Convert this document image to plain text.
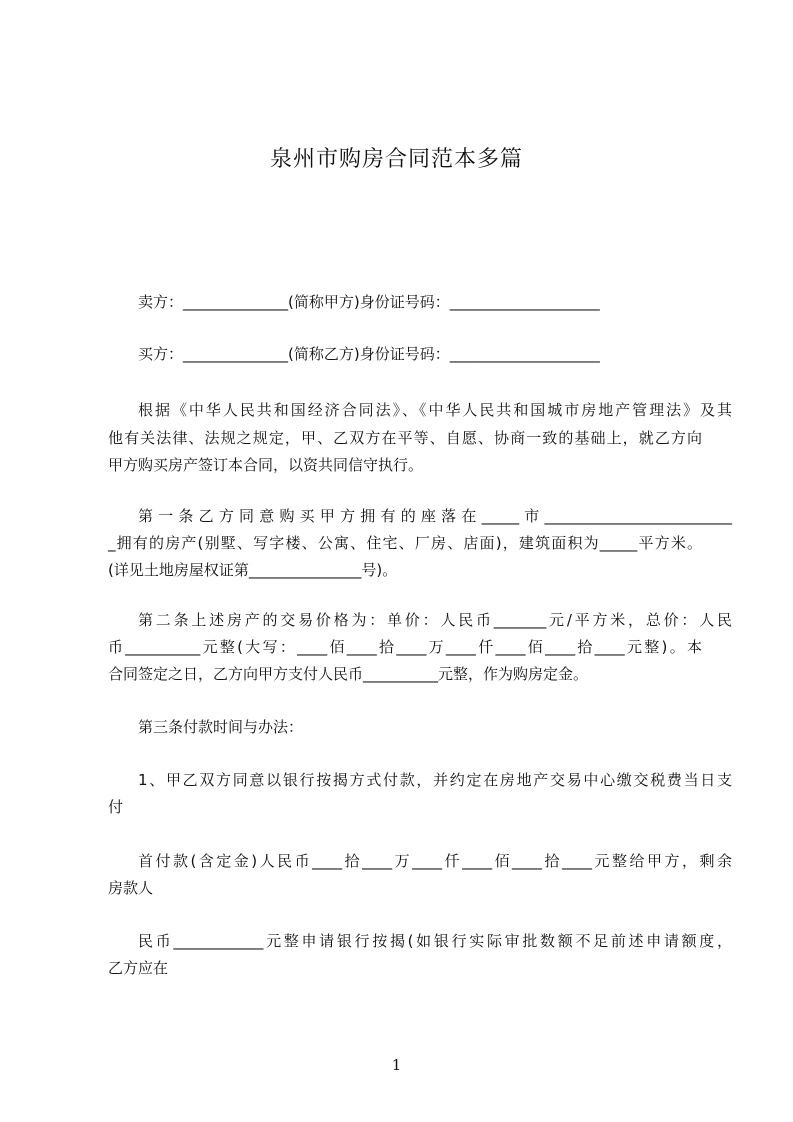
泉州市购房合同范本多篇
卖方：______________(简称甲方)身份证号码：____________________
买方：______________(简称乙方)身份证号码：____________________
根据《中华人民共和国经济合同法》、《中华人民共和国城市房地产管理法》及其
他有关法律、法规之规定，甲、乙双方在平等、自愿、协商一致的基础上，就乙方向
甲方购买房产签订本合同，以资共同信守执行。
第一条乙方同意购买甲方拥有的座落在_____市_________________________
_拥有的房产(别墅、写字楼、公寓、住宅、厂房、店面)，建筑面积为_____平方米。
(详见土地房屋权证第_______________号)。
第二条上述房产的交易价格为：单价：人民币_______元/平方米，总价：人民
币__________元整(大写：____佰____拾____万____仟____佰____拾____元整)。本
合同签定之日，乙方向甲方支付人民币__________元整，作为购房定金。
第三条付款时间与办法：
1、甲乙双方同意以银行按揭方式付款，并约定在房地产交易中心缴交税费当日支
付
首付款(含定金)人民币____拾____万____仟____佰____拾____元整给甲方，剩余
房款人
民币____________元整申请银行按揭(如银行实际审批数额不足前述申请额度，
乙方应在
1
